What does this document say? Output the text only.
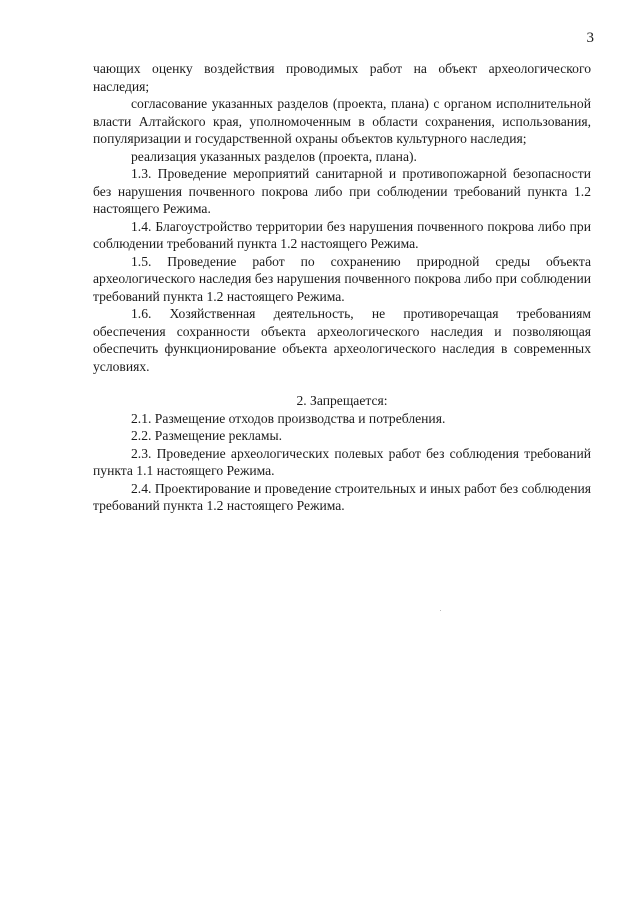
3

чающих оценку воздействия проводимых работ на объект археологического наследия;

согласование указанных разделов (проекта, плана) с органом исполнительной власти Алтайского края, уполномоченным в области сохранения, использования, популяризации и государственной охраны объектов культурного наследия;

реализация указанных разделов (проекта, плана).

1.3. Проведение мероприятий санитарной и противопожарной безопасности без нарушения почвенного покрова либо при соблюдении требований пункта 1.2 настоящего Режима.

1.4. Благоустройство территории без нарушения почвенного покрова либо при соблюдении требований пункта 1.2 настоящего Режима.

1.5. Проведение работ по сохранению природной среды объекта археологического наследия без нарушения почвенного покрова либо при соблюдении требований пункта 1.2 настоящего Режима.

1.6. Хозяйственная деятельность, не противоречащая требованиям обеспечения сохранности объекта археологического наследия и позволяющая обеспечить функционирование объекта археологического наследия в современных условиях.

2. Запрещается:

2.1. Размещение отходов производства и потребления.

2.2. Размещение рекламы.

2.3. Проведение археологических полевых работ без соблюдения требований пункта 1.1 настоящего Режима.

2.4. Проектирование и проведение строительных и иных работ без соблюдения требований пункта 1.2 настоящего Режима.
